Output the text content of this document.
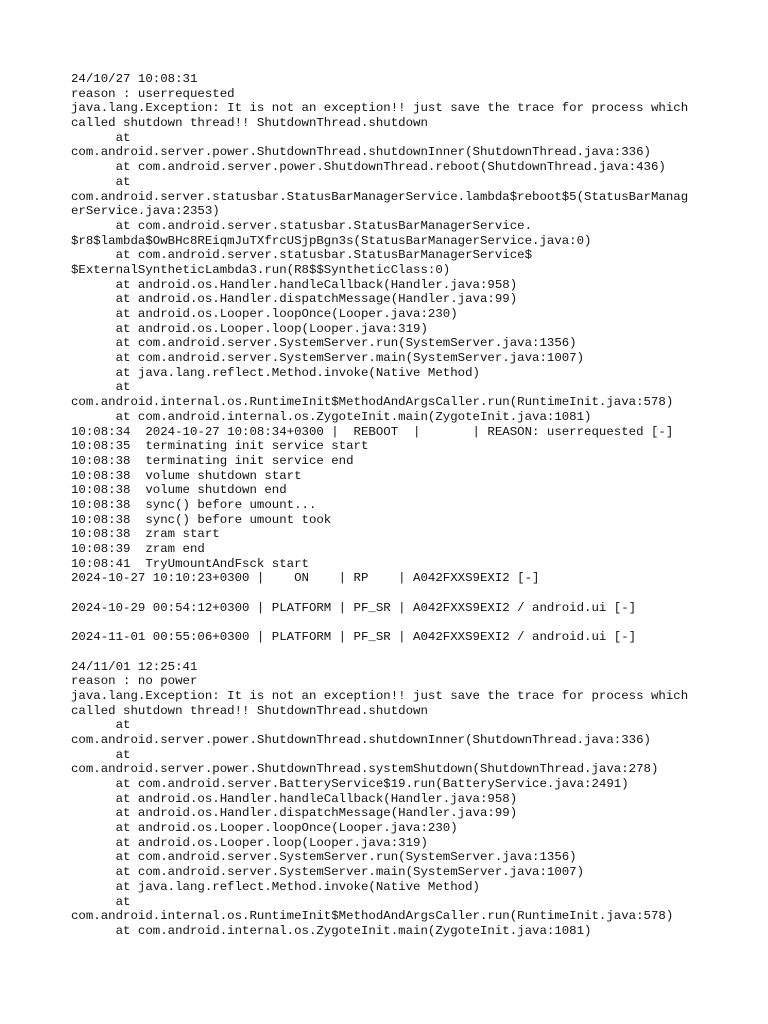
24/10/27 10:08:31
reason : userrequested
java.lang.Exception: It is not an exception!! just save the trace for process which
called shutdown thread!! ShutdownThread.shutdown
at
com.android.server.power.ShutdownThread.shutdownInner(ShutdownThread.java:336)
at com.android.server.power.ShutdownThread.reboot(ShutdownThread.java:436)
at
com.android.server.statusbar.StatusBarManagerService.lambda$reboot$5(StatusBarManag
erService.java:2353)
at com.android.server.statusbar.StatusBarManagerService.
$r8$lambda$OwBHc8REiqmJuTXfrcUSjpBgn3s(StatusBarManagerService.java:0)
at com.android.server.statusbar.StatusBarManagerService$
$ExternalSyntheticLambda3.run(R8$$SyntheticClass:0)
at android.os.Handler.handleCallback(Handler.java:958)
at android.os.Handler.dispatchMessage(Handler.java:99)
at android.os.Looper.loopOnce(Looper.java:230)
at android.os.Looper.loop(Looper.java:319)
at com.android.server.SystemServer.run(SystemServer.java:1356)
at com.android.server.SystemServer.main(SystemServer.java:1007)
at java.lang.reflect.Method.invoke(Native Method)
at
com.android.internal.os.RuntimeInit$MethodAndArgsCaller.run(RuntimeInit.java:578)
at com.android.internal.os.ZygoteInit.main(ZygoteInit.java:1081)
10:08:34  2024-10-27 10:08:34+0300 |  REBOOT  |       | REASON: userrequested [-]
10:08:35  terminating init service start
10:08:38  terminating init service end
10:08:38  volume shutdown start
10:08:38  volume shutdown end
10:08:38  sync() before umount...
10:08:38  sync() before umount took
10:08:38  zram start
10:08:39  zram end
10:08:41  TryUmountAndFsck start
2024-10-27 10:10:23+0300 |    ON    | RP    | A042FXXS9EXI2 [-]
2024-10-29 00:54:12+0300 | PLATFORM | PF_SR | A042FXXS9EXI2 / android.ui [-]
2024-11-01 00:55:06+0300 | PLATFORM | PF_SR | A042FXXS9EXI2 / android.ui [-]
24/11/01 12:25:41
reason : no power
java.lang.Exception: It is not an exception!! just save the trace for process which
called shutdown thread!! ShutdownThread.shutdown
at
com.android.server.power.ShutdownThread.shutdownInner(ShutdownThread.java:336)
at
com.android.server.power.ShutdownThread.systemShutdown(ShutdownThread.java:278)
at com.android.server.BatteryService$19.run(BatteryService.java:2491)
at android.os.Handler.handleCallback(Handler.java:958)
at android.os.Handler.dispatchMessage(Handler.java:99)
at android.os.Looper.loopOnce(Looper.java:230)
at android.os.Looper.loop(Looper.java:319)
at com.android.server.SystemServer.run(SystemServer.java:1356)
at com.android.server.SystemServer.main(SystemServer.java:1007)
at java.lang.reflect.Method.invoke(Native Method)
at
com.android.internal.os.RuntimeInit$MethodAndArgsCaller.run(RuntimeInit.java:578)
at com.android.internal.os.ZygoteInit.main(ZygoteInit.java:1081)
